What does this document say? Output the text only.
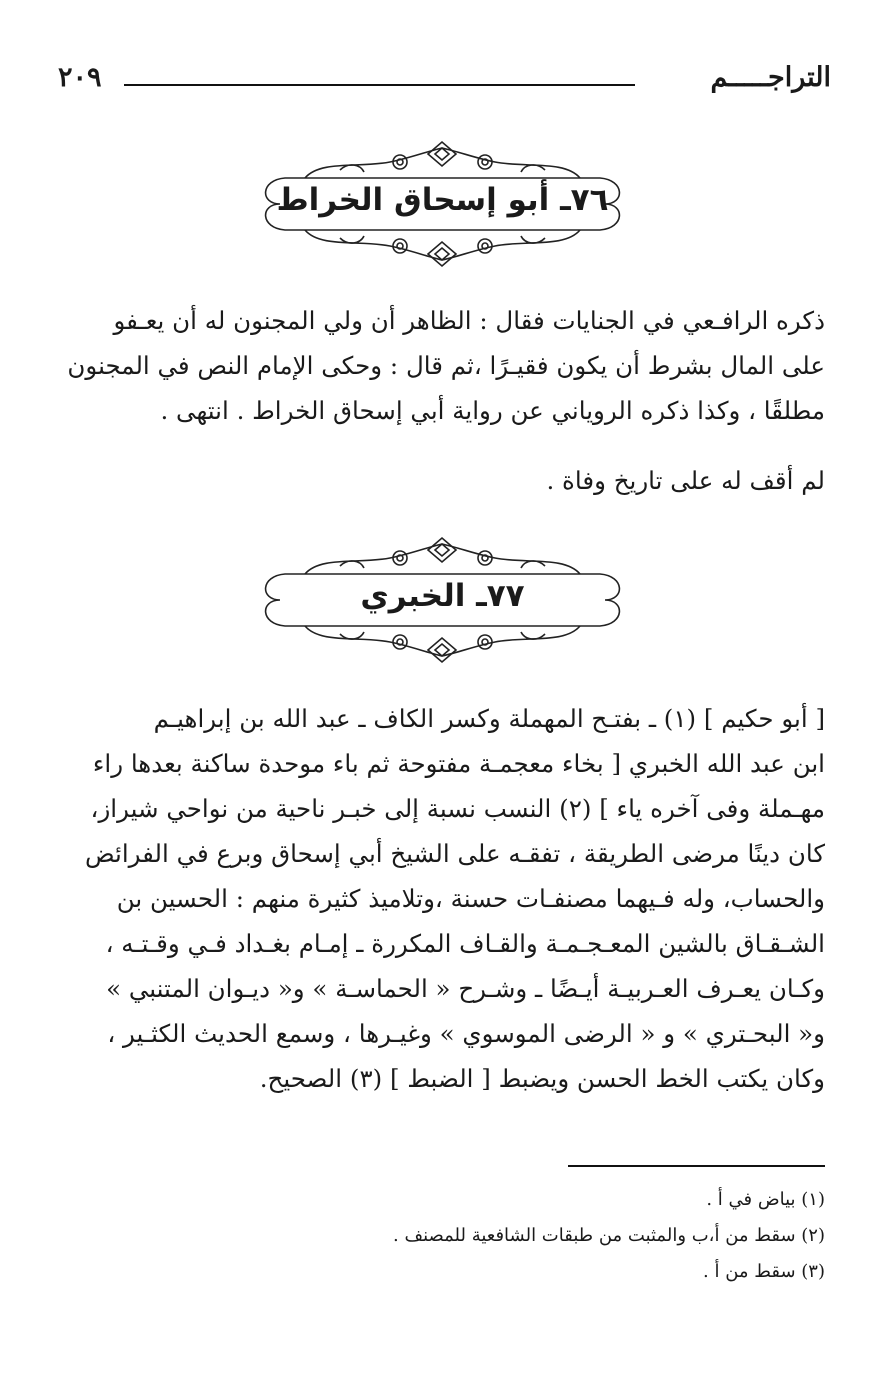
التراجـــــم
٢٠٩
٧٦ـ أبو إسحاق الخراط
ذكره الرافـعي في الجنايات فقال : الظاهر أن ولي المجنون له أن يعـفو
على المال بشرط أن يكون فقيـرًا ،ثم قال : وحكى الإمام النص في المجنون
مطلقًا ، وكذا ذكره الروياني عن رواية أبي إسحاق الخراط . انتهى .
لم أقف له على تاريخ وفاة .
٧٧ـ الخبري
[ أبو حكيم ] (١) ـ بفتـح المهملة وكسر الكاف ـ عبد الله بن إبراهيـم
ابن عبد الله الخبري [ بخاء معجمـة مفتوحة ثم باء موحدة ساكنة بعدها راء
مهـملة وفى آخره ياء ] (٢) النسب نسبة إلى خبـر ناحية من نواحي شيراز،
كان دينًا مرضى الطريقة ، تفقـه على الشيخ أبي إسحاق وبرع في الفرائض
والحساب، وله فـيهما مصنفـات حسنة ،وتلاميذ كثيرة منهم : الحسين بن
الشـقـاق بالشين المعـجـمـة والقـاف المكررة ـ إمـام بغـداد فـي وقـتـه ،
وكـان يعـرف العـربيـة أيـضًا ـ وشـرح « الحماسـة » و« ديـوان المتنبي »
و« البحـتري » و « الرضى الموسوي » وغيـرها ، وسمع الحديث الكثـير ،
وكان يكتب الخط الحسن ويضبط [ الضبط ] (٣) الصحيح.
(١) بياض في أ .
(٢) سقط من أ،ب والمثبت من طبقات الشافعية للمصنف .
(٣) سقط من أ .
